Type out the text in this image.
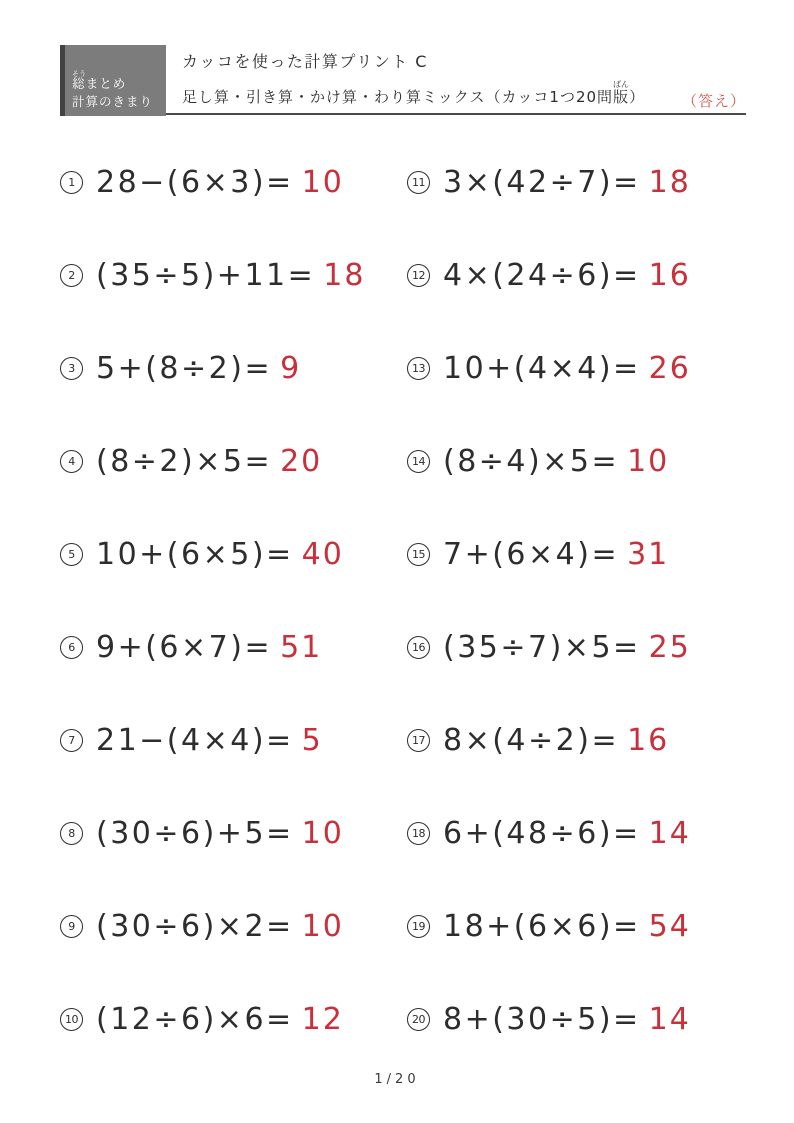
総そうまとめ
計算のきまり
カッコを使った計算プリント C
足し算・引き算・かけ算・わり算ミックス（カッコ1つ20問版ばん）	（答え）
1 28−(6×3)= 10
2 (35÷5)+11= 18
3 5+(8÷2)= 9
4 (8÷2)×5= 20
5 10+(6×5)= 40
6 9+(6×7)= 51
7 21−(4×4)= 5
8 (30÷6)+5= 10
9 (30÷6)×2= 10
10 (12÷6)×6= 12
11 3×(42÷7)= 18
12 4×(24÷6)= 16
13 10+(4×4)= 26
14 (8÷4)×5= 10
15 7+(6×4)= 31
16 (35÷7)×5= 25
17 8×(4÷2)= 16
18 6+(48÷6)= 14
19 18+(6×6)= 54
20 8+(30÷5)= 14
1/20
